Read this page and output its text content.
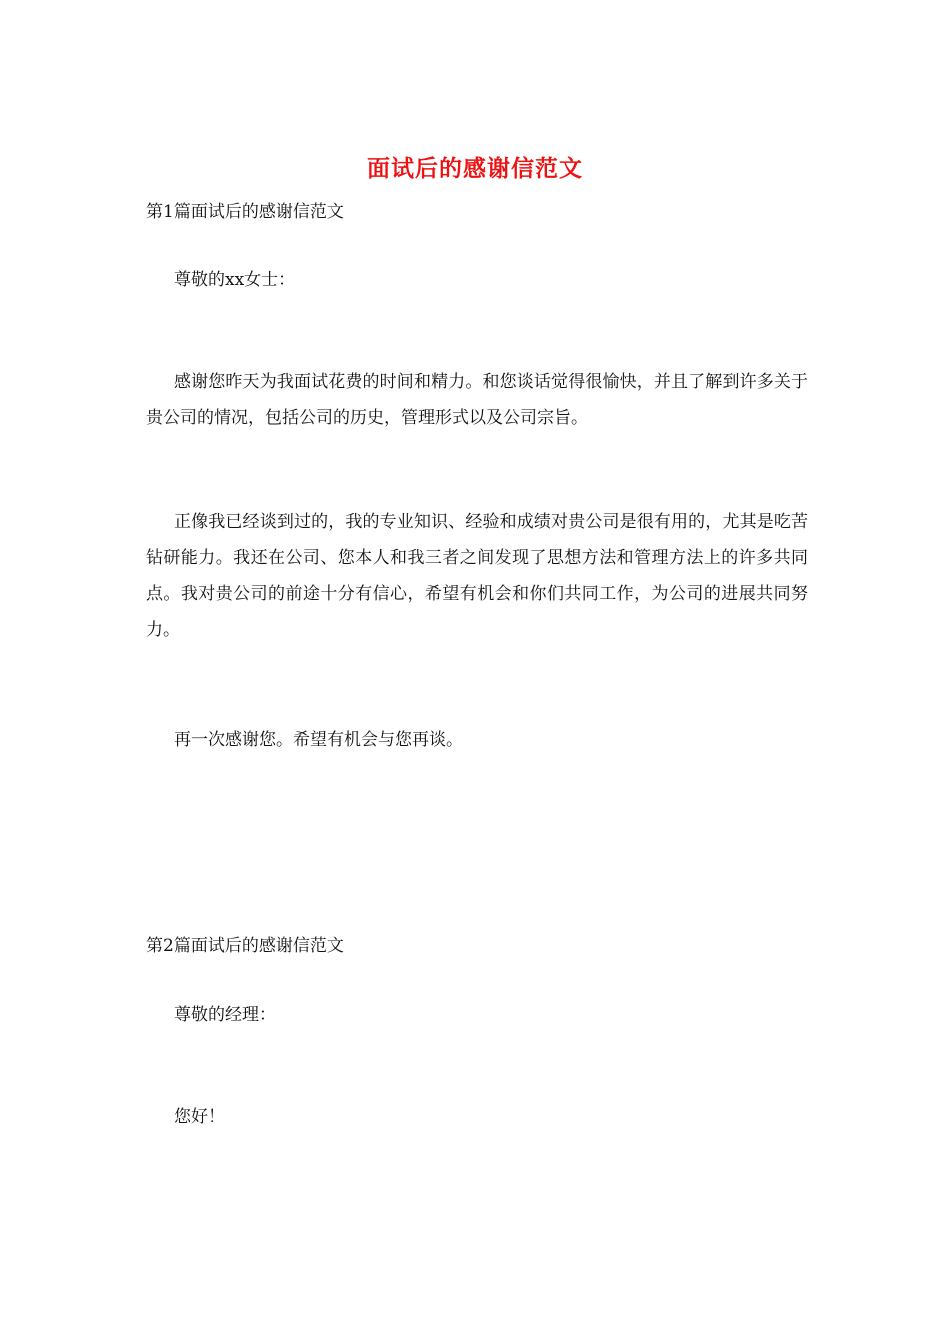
面试后的感谢信范文
第1篇面试后的感谢信范文
尊敬的xx女士：
感谢您昨天为我面试花费的时间和精力。和您谈话觉得很愉快，并且了解到许多关于贵公司的情况，包括公司的历史，管理形式以及公司宗旨。
正像我已经谈到过的，我的专业知识、经验和成绩对贵公司是很有用的，尤其是吃苦钻研能力。我还在公司、您本人和我三者之间发现了思想方法和管理方法上的许多共同点。我对贵公司的前途十分有信心，希望有机会和你们共同工作，为公司的进展共同努力。
再一次感谢您。希望有机会与您再谈。
第2篇面试后的感谢信范文
尊敬的经理：
您好！
